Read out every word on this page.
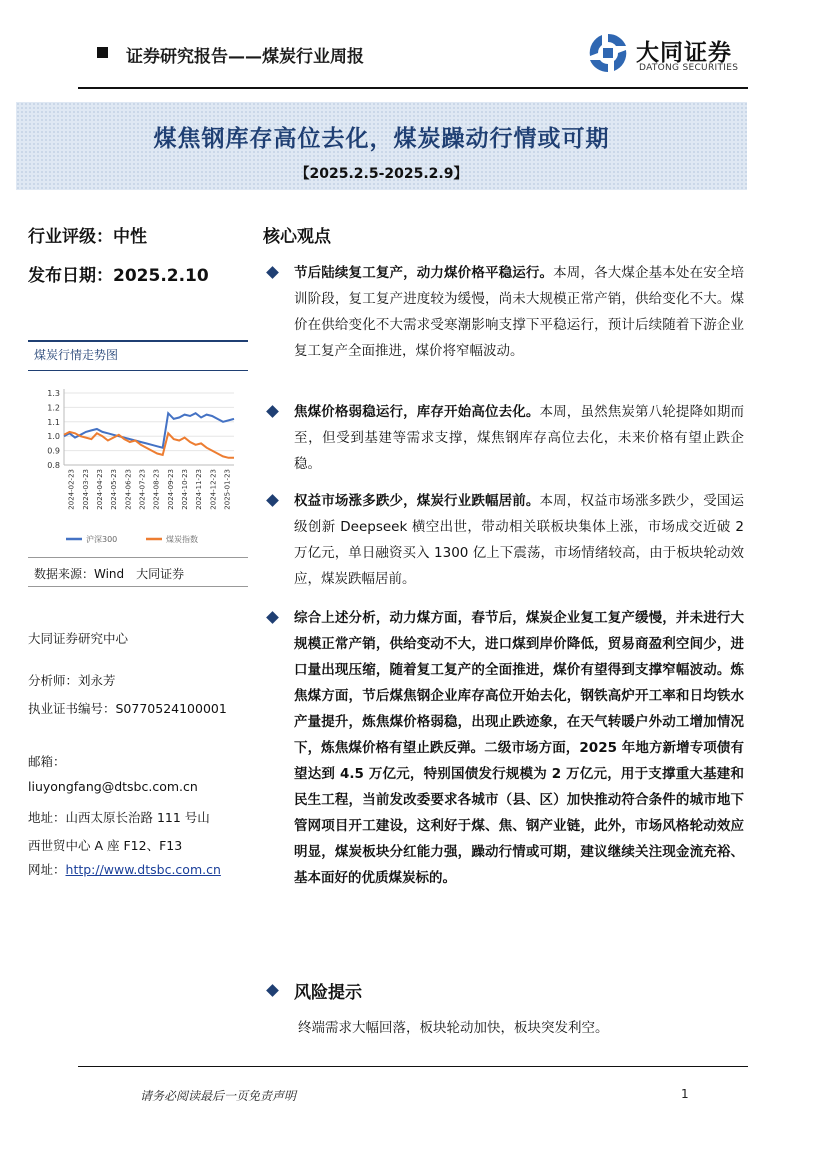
证券研究报告——煤炭行业周报	大同证券
DATONG SECURITIES
煤焦钢库存高位去化，煤炭躁动行情或可期
【2025.2.5-2025.2.9】
行业评级：中性
发布日期：2025.2.10
煤炭行情走势图
1.3
1.2
1.1
1.0
0.9
0.8
2024-02-23 2024-03-23 2024-04-23 2024-05-23 2024-06-23 2024-07-23 2024-08-23 2024-09-23 2024-10-23 2024-11-23 2024-12-23 2025-01-23
沪深300	煤炭指数
数据来源：Wind　大同证券
大同证券研究中心
分析师：刘永芳
执业证书编号：S0770524100001
邮箱：
liuyongfang@dtsbc.com.cn
地址：山西太原长治路 111 号山
西世贸中心 A 座 F12、F13
网址：http://www.dtsbc.com.cn
核心观点
节后陆续复工复产，动力煤价格平稳运行。本周，各大煤企基本处在安全培训阶段，复工复产进度较为缓慢，尚未大规模正常产销，供给变化不大。煤价在供给变化不大需求受寒潮影响支撑下平稳运行，预计后续随着下游企业复工复产全面推进，煤价将窄幅波动。
焦煤价格弱稳运行，库存开始高位去化。本周，虽然焦炭第八轮提降如期而至，但受到基建等需求支撑，煤焦钢库存高位去化，未来价格有望止跌企稳。
权益市场涨多跌少，煤炭行业跌幅居前。本周，权益市场涨多跌少，受国运级创新 Deepseek 横空出世，带动相关联板块集体上涨，市场成交近破 2 万亿元，单日融资买入 1300 亿上下震荡，市场情绪较高，由于板块轮动效应，煤炭跌幅居前。
综合上述分析，动力煤方面，春节后，煤炭企业复工复产缓慢，并未进行大规模正常产销，供给变动不大，进口煤到岸价降低，贸易商盈利空间少，进口量出现压缩，随着复工复产的全面推进，煤价有望得到支撑窄幅波动。炼焦煤方面，节后煤焦钢企业库存高位开始去化，钢铁高炉开工率和日均铁水产量提升，炼焦煤价格弱稳，出现止跌迹象，在天气转暖户外动工增加情况下，炼焦煤价格有望止跌反弹。二级市场方面，2025 年地方新增专项债有望达到 4.5 万亿元，特别国债发行规模为 2 万亿元，用于支撑重大基建和民生工程，当前发改委要求各城市（县、区）加快推动符合条件的城市地下管网项目开工建设，这利好于煤、焦、钢产业链，此外，市场风格轮动效应明显，煤炭板块分红能力强，躁动行情或可期，建议继续关注现金流充裕、基本面好的优质煤炭标的。
风险提示
终端需求大幅回落，板块轮动加快，板块突发利空。
请务必阅读最后一页免责声明	1
